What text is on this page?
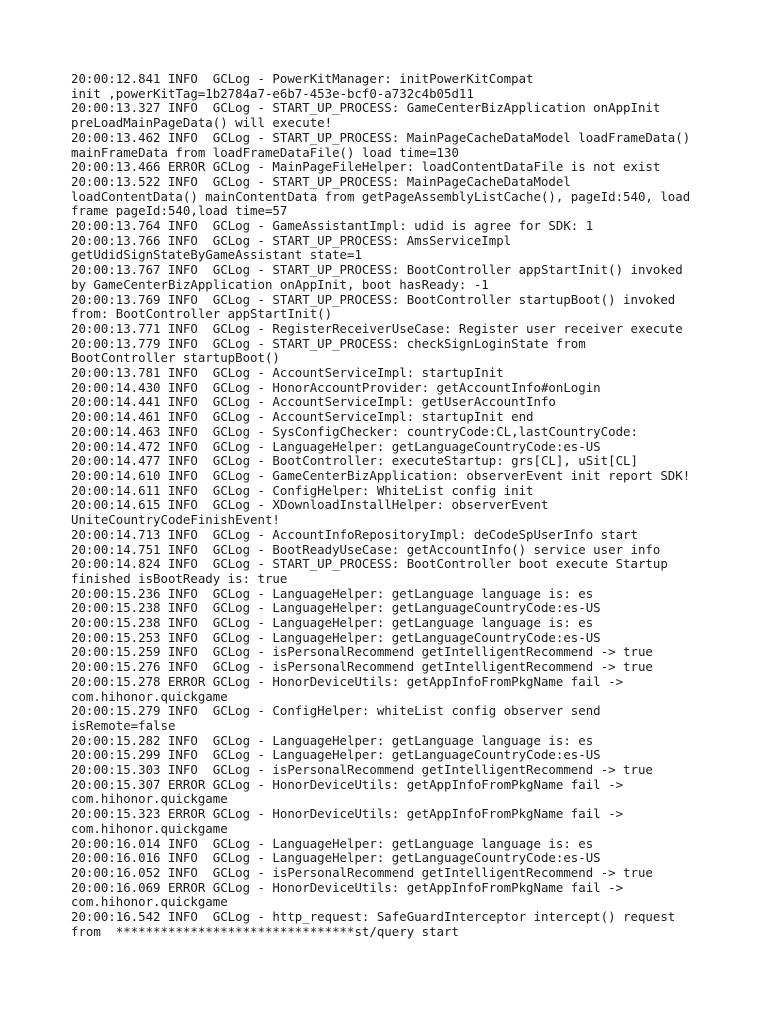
20:00:12.841 INFO  GCLog - PowerKitManager: initPowerKitCompat
init ,powerKitTag=1b2784a7-e6b7-453e-bcf0-a732c4b05d11
20:00:13.327 INFO  GCLog - START_UP_PROCESS: GameCenterBizApplication onAppInit
preLoadMainPageData() will execute!
20:00:13.462 INFO  GCLog - START_UP_PROCESS: MainPageCacheDataModel loadFrameData()
mainFrameData from loadFrameDataFile() load time=130
20:00:13.466 ERROR GCLog - MainPageFileHelper: loadContentDataFile is not exist
20:00:13.522 INFO  GCLog - START_UP_PROCESS: MainPageCacheDataModel
loadContentData() mainContentData from getPageAssemblyListCache(), pageId:540, load
frame pageId:540,load time=57
20:00:13.764 INFO  GCLog - GameAssistantImpl: udid is agree for SDK: 1
20:00:13.766 INFO  GCLog - START_UP_PROCESS: AmsServiceImpl
getUdidSignStateByGameAssistant state=1
20:00:13.767 INFO  GCLog - START_UP_PROCESS: BootController appStartInit() invoked
by GameCenterBizApplication onAppInit, boot hasReady: -1
20:00:13.769 INFO  GCLog - START_UP_PROCESS: BootController startupBoot() invoked
from: BootController appStartInit()
20:00:13.771 INFO  GCLog - RegisterReceiverUseCase: Register user receiver execute
20:00:13.779 INFO  GCLog - START_UP_PROCESS: checkSignLoginState from
BootController startupBoot()
20:00:13.781 INFO  GCLog - AccountServiceImpl: startupInit
20:00:14.430 INFO  GCLog - HonorAccountProvider: getAccountInfo#onLogin
20:00:14.441 INFO  GCLog - AccountServiceImpl: getUserAccountInfo
20:00:14.461 INFO  GCLog - AccountServiceImpl: startupInit end
20:00:14.463 INFO  GCLog - SysConfigChecker: countryCode:CL,lastCountryCode:
20:00:14.472 INFO  GCLog - LanguageHelper: getLanguageCountryCode:es-US
20:00:14.477 INFO  GCLog - BootController: executeStartup: grs[CL], uSit[CL]
20:00:14.610 INFO  GCLog - GameCenterBizApplication: observerEvent init report SDK!
20:00:14.611 INFO  GCLog - ConfigHelper: WhiteList config init
20:00:14.615 INFO  GCLog - XDownloadInstallHelper: observerEvent
UniteCountryCodeFinishEvent!
20:00:14.713 INFO  GCLog - AccountInfoRepositoryImpl: deCodeSpUserInfo start
20:00:14.751 INFO  GCLog - BootReadyUseCase: getAccountInfo() service user info
20:00:14.824 INFO  GCLog - START_UP_PROCESS: BootController boot execute Startup
finished isBootReady is: true
20:00:15.236 INFO  GCLog - LanguageHelper: getLanguage language is: es
20:00:15.238 INFO  GCLog - LanguageHelper: getLanguageCountryCode:es-US
20:00:15.238 INFO  GCLog - LanguageHelper: getLanguage language is: es
20:00:15.253 INFO  GCLog - LanguageHelper: getLanguageCountryCode:es-US
20:00:15.259 INFO  GCLog - isPersonalRecommend getIntelligentRecommend -> true
20:00:15.276 INFO  GCLog - isPersonalRecommend getIntelligentRecommend -> true
20:00:15.278 ERROR GCLog - HonorDeviceUtils: getAppInfoFromPkgName fail ->
com.hihonor.quickgame
20:00:15.279 INFO  GCLog - ConfigHelper: whiteList config observer send
isRemote=false
20:00:15.282 INFO  GCLog - LanguageHelper: getLanguage language is: es
20:00:15.299 INFO  GCLog - LanguageHelper: getLanguageCountryCode:es-US
20:00:15.303 INFO  GCLog - isPersonalRecommend getIntelligentRecommend -> true
20:00:15.307 ERROR GCLog - HonorDeviceUtils: getAppInfoFromPkgName fail ->
com.hihonor.quickgame
20:00:15.323 ERROR GCLog - HonorDeviceUtils: getAppInfoFromPkgName fail ->
com.hihonor.quickgame
20:00:16.014 INFO  GCLog - LanguageHelper: getLanguage language is: es
20:00:16.016 INFO  GCLog - LanguageHelper: getLanguageCountryCode:es-US
20:00:16.052 INFO  GCLog - isPersonalRecommend getIntelligentRecommend -> true
20:00:16.069 ERROR GCLog - HonorDeviceUtils: getAppInfoFromPkgName fail ->
com.hihonor.quickgame
20:00:16.542 INFO  GCLog - http_request: SafeGuardInterceptor intercept() request
from  ********************************st/query start
